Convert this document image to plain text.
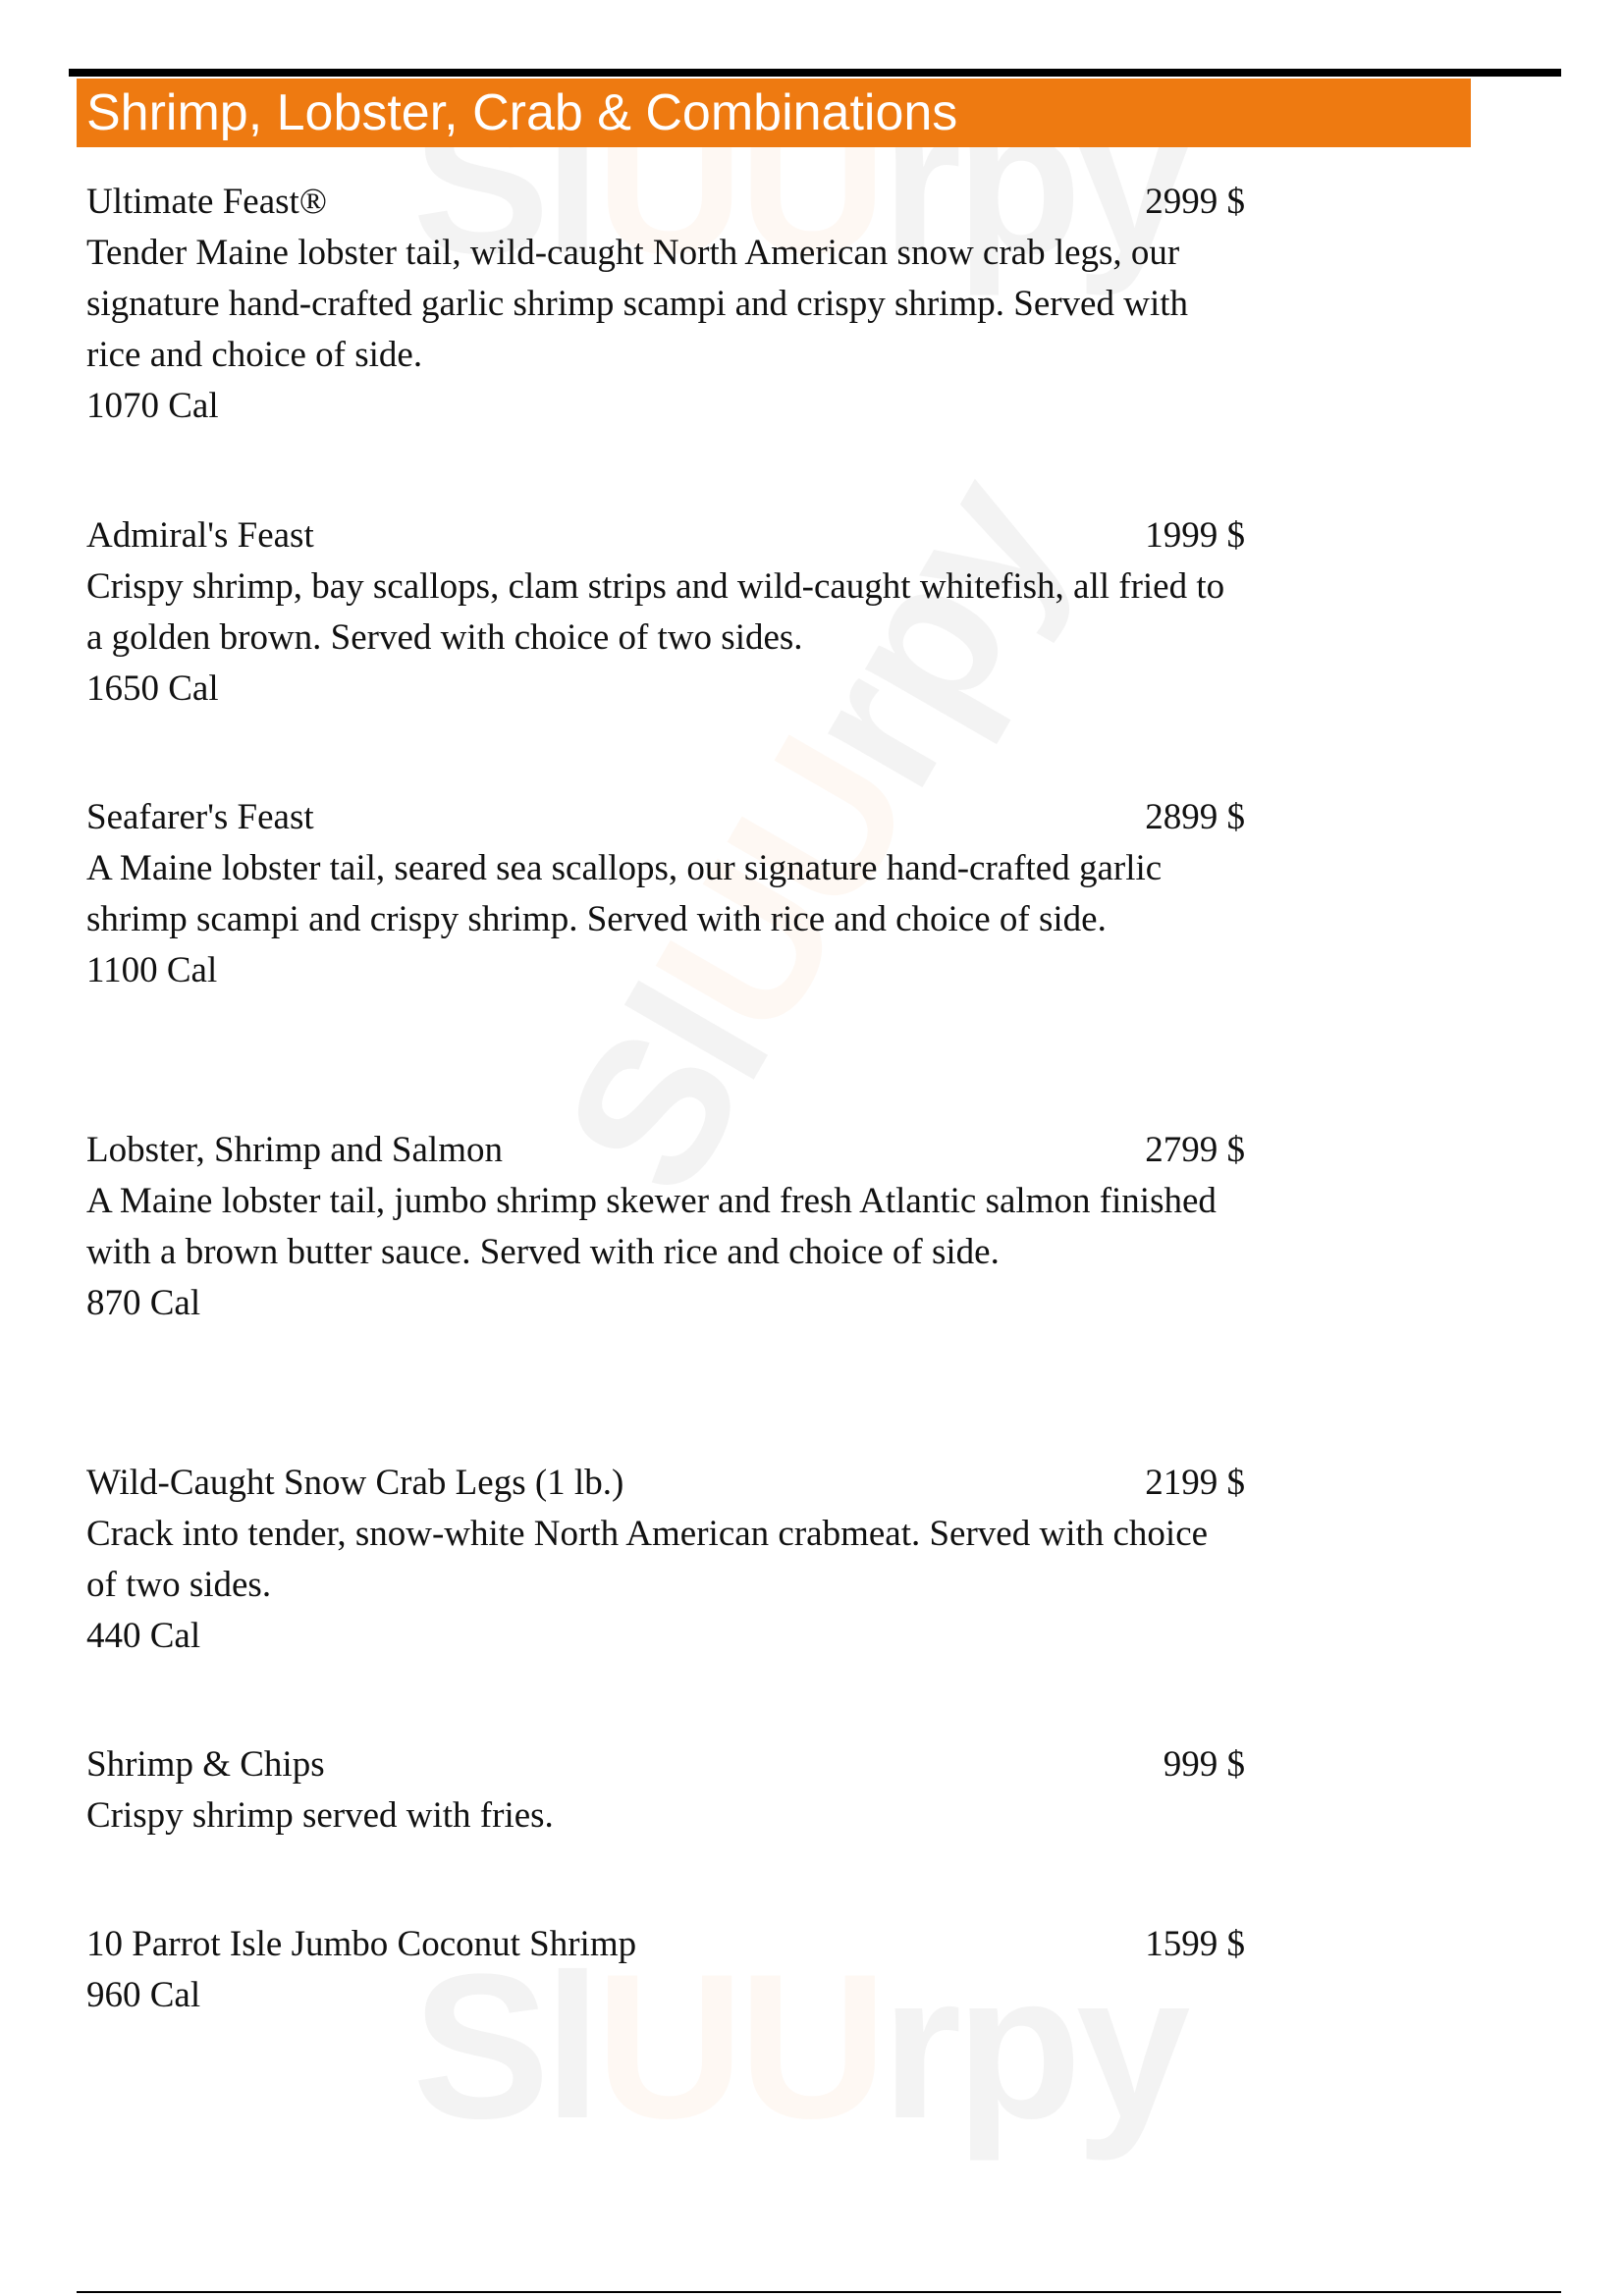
Shrimp, Lobster, Crab & Combinations
Ultimate Feast®	2999 $
Tender Maine lobster tail, wild-caught North American snow crab legs, our signature hand-crafted garlic shrimp scampi and crispy shrimp. Served with rice and choice of side.
1070 Cal
Admiral's Feast	1999 $
Crispy shrimp, bay scallops, clam strips and wild-caught whitefish, all fried to a golden brown. Served with choice of two sides.
1650 Cal
Seafarer's Feast	2899 $
A Maine lobster tail, seared sea scallops, our signature hand-crafted garlic shrimp scampi and crispy shrimp. Served with rice and choice of side.
1100 Cal
Lobster, Shrimp and Salmon	2799 $
A Maine lobster tail, jumbo shrimp skewer and fresh Atlantic salmon finished with a brown butter sauce. Served with rice and choice of side.
870 Cal
Wild-Caught Snow Crab Legs (1 lb.)	2199 $
Crack into tender, snow-white North American crabmeat. Served with choice of two sides.
440 Cal
Shrimp & Chips	999 $
Crispy shrimp served with fries.
10 Parrot Isle Jumbo Coconut Shrimp	1599 $
960 Cal
